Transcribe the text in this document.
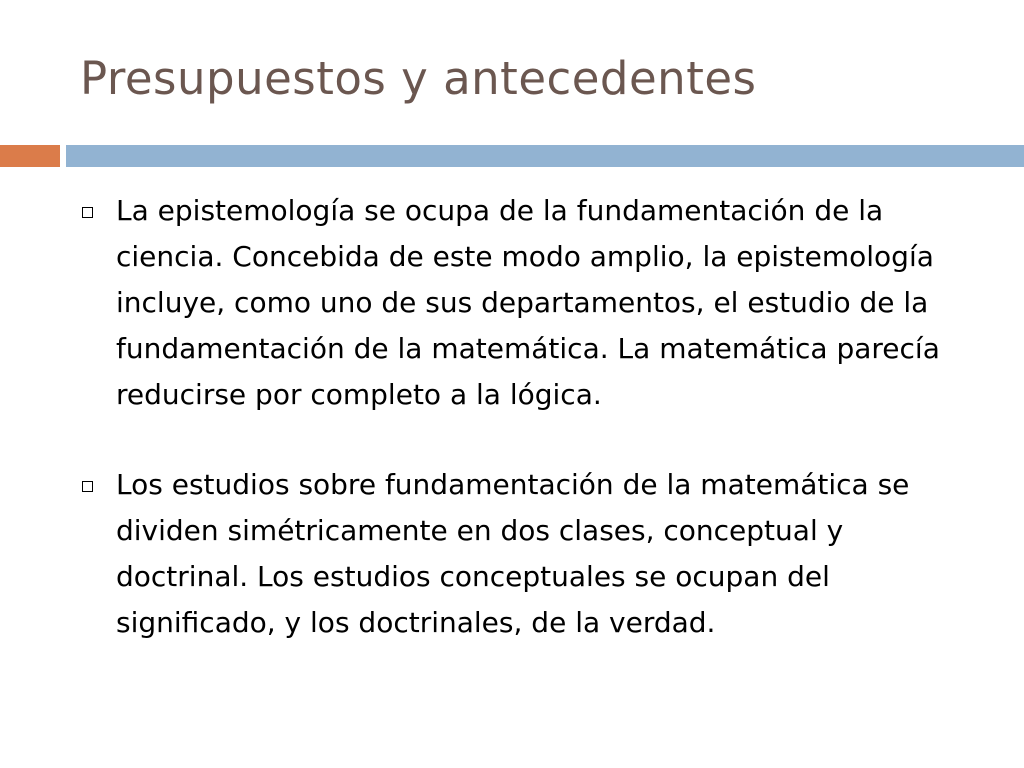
Presupuestos y antecedentes
La epistemología se ocupa de la fundamentación de la ciencia. Concebida de este modo amplio, la epistemología incluye, como uno de sus departamentos, el estudio de la fundamentación de la matemática. La matemática parecía reducirse por completo a la lógica.
Los estudios sobre fundamentación de la matemática se dividen simétricamente en dos clases, conceptual y doctrinal. Los estudios conceptuales se ocupan del significado, y los doctrinales, de la verdad.
